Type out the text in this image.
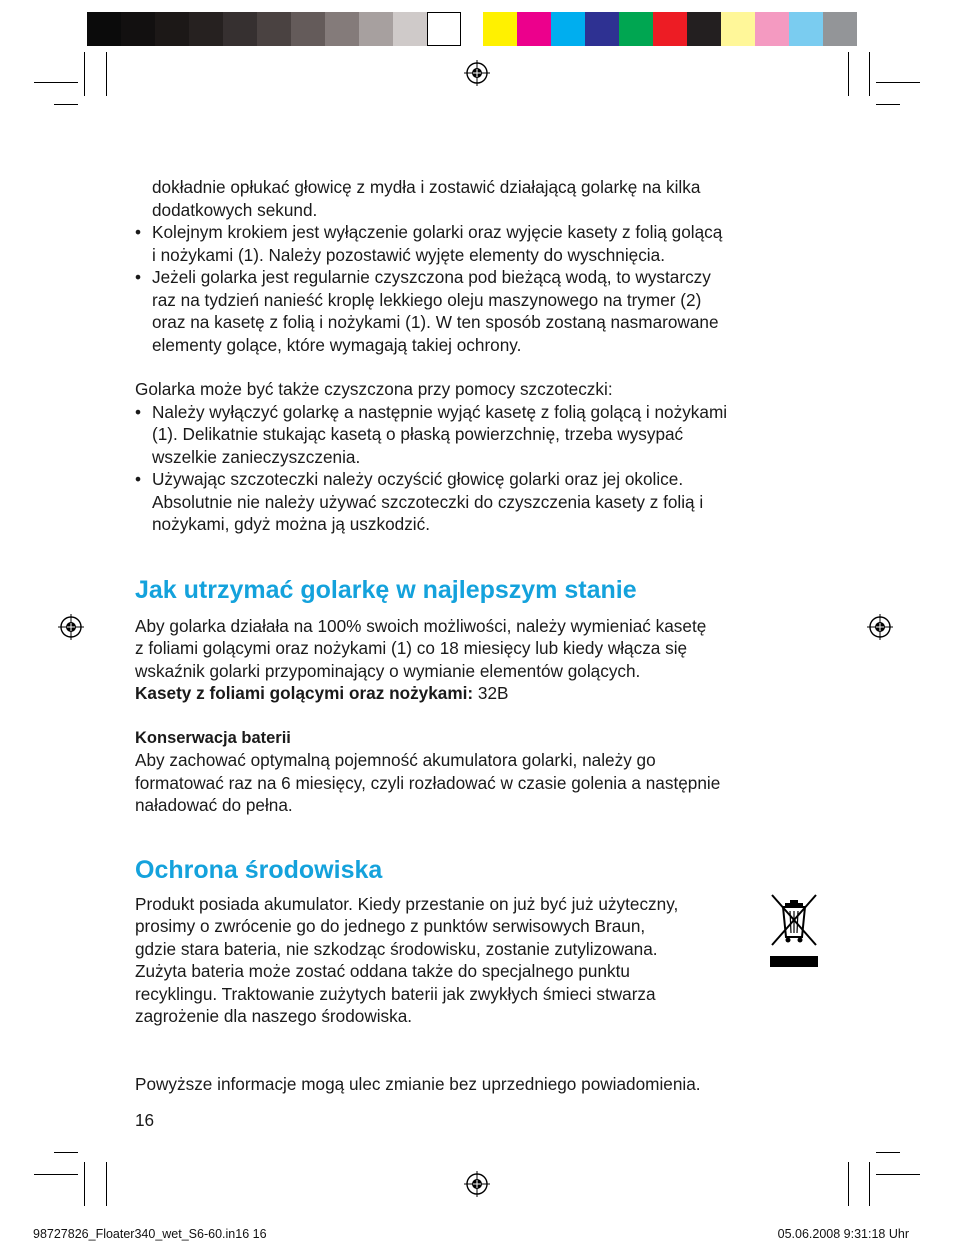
dokładnie opłukać głowicę z mydła i zostawić działającą golarkę na kilka

dodatkowych sekund.

• Kolejnym krokiem jest wyłączenie golarki oraz wyjęcie kasety z folią golącą
i nożykami (1). Należy pozostawić wyjęte elementy do wyschnięcia.
• Jeżeli golarka jest regularnie czyszczona pod bieżącą wodą, to wystarczy
raz na tydzień nanieść kroplę lekkiego oleju maszynowego na trymer (2)
oraz na kasetę z folią i nożykami (1). W ten sposób zostaną nasmarowane
elementy golące, które wymagają takiej ochrony.

Golarka może być także czyszczona przy pomocy szczoteczki:

• Należy wyłączyć golarkę a następnie wyjąć kasetę z folią golącą i nożykami
(1). Delikatnie stukając kasetą o płaską powierzchnię, trzeba wysypać
wszelkie zanieczyszczenia.
• Używając szczoteczki należy oczyścić głowicę golarki oraz jej okolice.
Absolutnie nie należy używać szczoteczki do czyszczenia kasety z folią i
nożykami, gdyż można ją uszkodzić.
Jak utrzymać golarkę w najlepszym stanie

Aby golarka działała na 100% swoich możliwości, należy wymieniać kasetę

z foliami golącymi oraz nożykami (1) co 18 miesięcy lub kiedy włącza się

wskaźnik golarki przypominający o wymianie elementów golących.

Kasety z foliami golącymi oraz nożykami: 32B

Konserwacja baterii

Aby zachować optymalną pojemność akumulatora golarki, należy go

formatować raz na 6 miesięcy, czyli rozładować w czasie golenia a następnie

naładować do pełna.

Ochrona środowiska

Produkt posiada akumulator. Kiedy przestanie on już być już użyteczny,

prosimy o zwrócenie go do jednego z punktów serwisowych Braun,

gdzie stara bateria, nie szkodząc środowisku, zostanie zutylizowana.

Zużyta bateria może zostać oddana także do specjalnego punktu

recyklingu. Traktowanie zużytych baterii jak zwykłych śmieci stwarza

zagrożenie dla naszego środowiska.

Powyższe informacje mogą ulec zmianie bez uprzedniego powiadomienia.

16
98727826_Floater340_wet_S6-60.in16 16	05.06.2008 9:31:18 Uhr
